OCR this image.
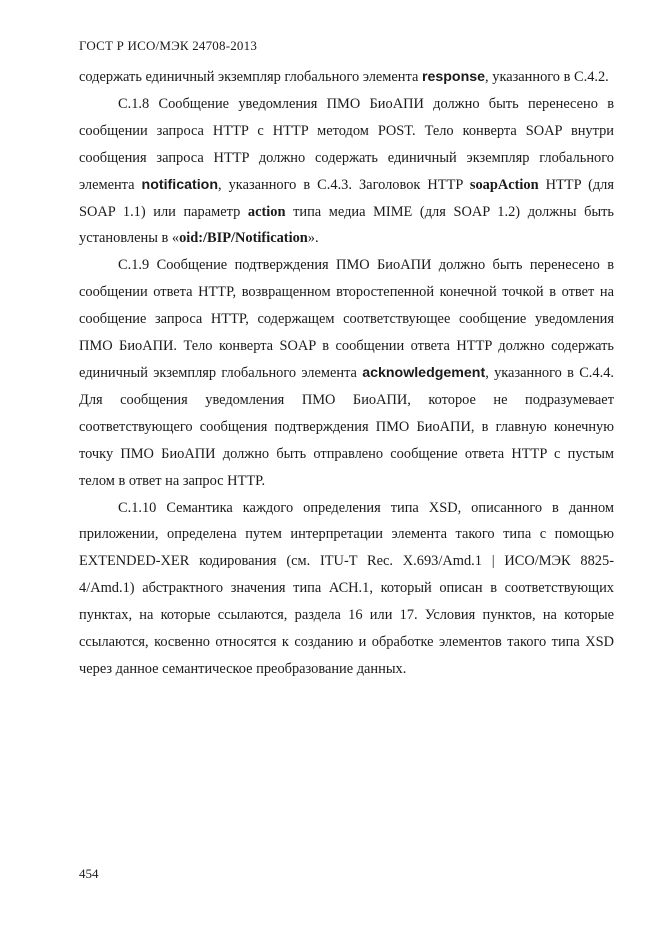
ГОСТ Р ИСО/МЭК 24708-2013

содержать единичный экземпляр глобального элемента response, указанного в С.4.2.

С.1.8 Сообщение уведомления ПМО БиоАПИ должно быть перенесено в сообщении запроса HTTP с HTTP методом POST. Тело конверта SOAP внутри сообщения запроса HTTP должно содержать единичный экземпляр глобального элемента notification, указанного в С.4.3. Заголовок HTTP soapAction HTTP (для SOAP 1.1) или параметр action типа медиа MIME (для SOAP 1.2) должны быть установлены в «oid:/BIP/Notification».

С.1.9 Сообщение подтверждения ПМО БиоАПИ должно быть перенесено в сообщении ответа HTTP, возвращенном второстепенной конечной точкой в ответ на сообщение запроса HTTP, содержащем соответствующее сообщение уведомления ПМО БиоАПИ. Тело конверта SOAP в сообщении ответа HTTP должно содержать единичный экземпляр глобального элемента acknowledgement, указанного в С.4.4. Для сообщения уведомления ПМО БиоАПИ, которое не подразумевает соответствующего сообщения подтверждения ПМО БиоАПИ, в главную конечную точку ПМО БиоАПИ должно быть отправлено сообщение ответа HTTP с пустым телом в ответ на запрос HTTP.

С.1.10 Семантика каждого определения типа XSD, описанного в данном приложении, определена путем интерпретации элемента такого типа с помощью EXTENDED-XER кодирования (см. ITU-T Rec. X.693/Amd.1 | ИСО/МЭК 8825-4/Amd.1) абстрактного значения типа АСН.1, который описан в соответствующих пунктах, на которые ссылаются, раздела 16 или 17. Условия пунктов, на которые ссылаются, косвенно относятся к созданию и обработке элементов такого типа XSD через данное семантическое преобразование данных.

454
